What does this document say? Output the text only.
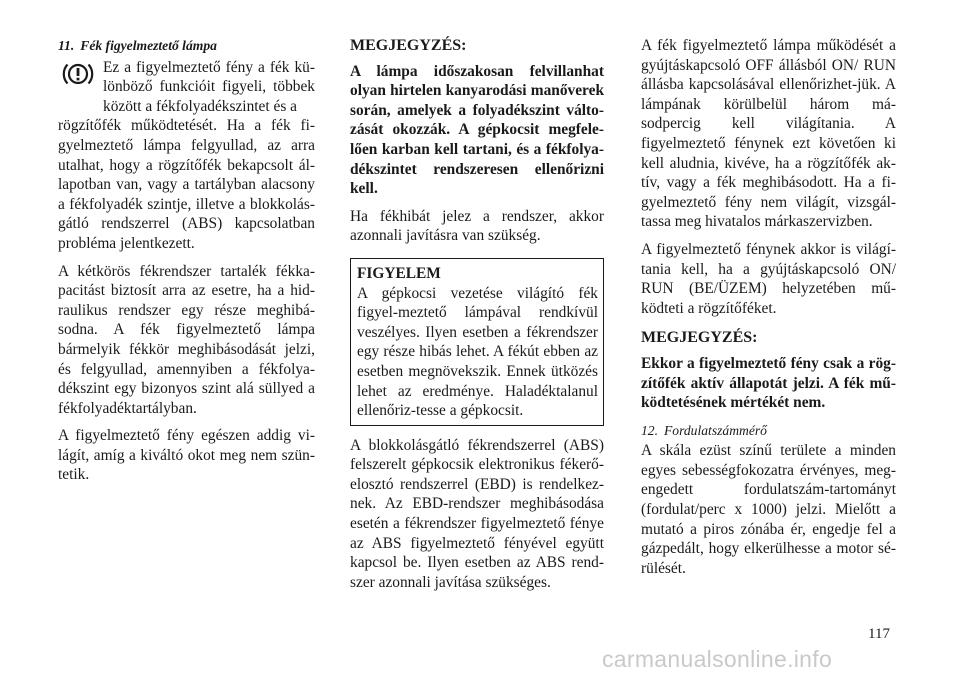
11. Fék figyelmeztető lámpa

Ez a figyelmeztető fény a fék kü-lönböző funkcióit figyeli, többek között a fékfolyadékszintet és a

rögzítőfék működtetését. Ha a fék fi-gyelmeztető lámpa felgyullad, az arra utalhat, hogy a rögzítőfék bekapcsolt ál-lapotban van, vagy a tartályban alacsony a fékfolyadék szintje, illetve a blokkolás-gátló rendszerrel (ABS) kapcsolatban probléma jelentkezett.

A kétkörös fékrendszer tartalék fékka-pacitást biztosít arra az esetre, ha a hid-raulikus rendszer egy része meghibá-sodna. A fék figyelmeztető lámpa bármelyik fékkör meghibásodását jelzi, és felgyullad, amennyiben a fékfolya-dékszint egy bizonyos szint alá süllyed a fékfolyadéktartályban.

A figyelmeztető fény egészen addig vi-lágít, amíg a kiváltó okot meg nem szün-tetik.

MEGJEGYZÉS:

A lámpa időszakosan felvillanhat olyan hirtelen kanyarodási manőverek során, amelyek a folyadékszint válto-zását okozzák. A gépkocsit megfele-lően karban kell tartani, és a fékfolya-dékszintet rendszeresen ellenőrizni kell.

Ha fékhibát jelez a rendszer, akkor azonnali javításra van szükség.

FIGYELEM

A gépkocsi vezetése világító fék figyel-meztető lámpával rendkívül veszélyes. Ilyen esetben a fékrendszer egy része hibás lehet. A fékút ebben az esetben megnövekszik. Ennek ütközés lehet az eredménye. Haladéktalanul ellenőriz-tesse a gépkocsit.

A blokkolásgátló fékrendszerrel (ABS) felszerelt gépkocsik elektronikus fékerő-elosztó rendszerrel (EBD) is rendelkez-nek. Az EBD-rendszer meghibásodása esetén a fékrendszer figyelmeztető fénye az ABS figyelmeztető fényével együtt kapcsol be. Ilyen esetben az ABS rend-szer azonnali javítása szükséges.

A fék figyelmeztető lámpa működését a gyújtáskapcsoló OFF állásból ON/ RUN állásba kapcsolásával ellenőrizhet-jük. A lámpának körülbelül három má-sodpercig kell világítania. A figyelmeztető fénynek ezt követően ki kell aludnia, kivéve, ha a rögzítőfék ak-tív, vagy a fék meghibásodott. Ha a fi-gyelmeztető fény nem világít, vizsgál-tassa meg hivatalos márkaszervizben.

A figyelmeztető fénynek akkor is világí-tania kell, ha a gyújtáskapcsoló ON/ RUN (BE/ÜZEM) helyzetében mű-ködteti a rögzítőféket.

MEGJEGYZÉS:

Ekkor a figyelmeztető fény csak a rög-zítőfék aktív állapotát jelzi. A fék mű-ködtetésének mértékét nem.

12. Fordulatszámmérő

A skála ezüst színű területe a minden egyes sebességfokozatra érvényes, meg-engedett fordulatszám-tartományt (fordulat/perc x 1000) jelzi. Mielőtt a mutató a piros zónába ér, engedje fel a gázpedált, hogy elkerülhesse a motor sé-rülését.

117
carmanualsonline.info
